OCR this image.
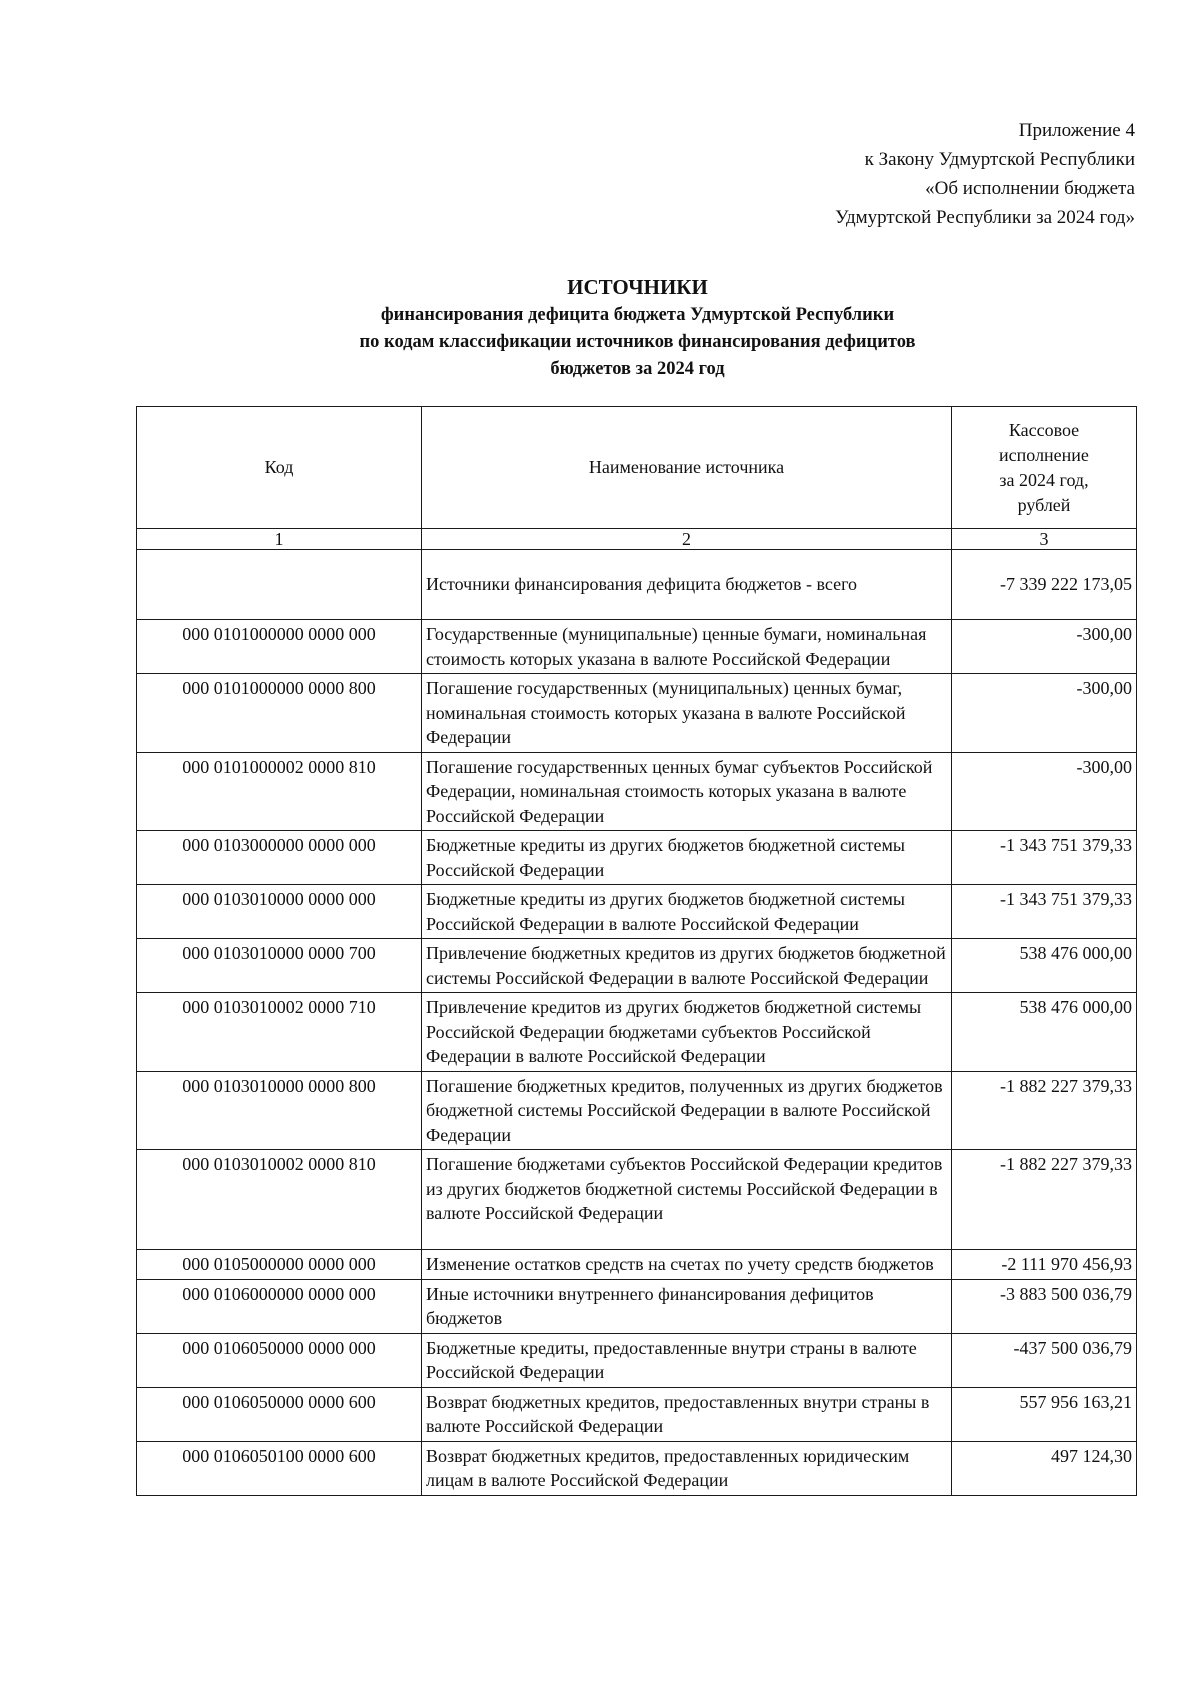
Приложение 4
к Закону Удмуртской Республики
«Об исполнении бюджета
Удмуртской Республики за 2024 год»
ИСТОЧНИКИ
финансирования дефицита бюджета Удмуртской Республики
по кодам классификации источников финансирования дефицитов
бюджетов за 2024 год
Код	Наименование источника	Кассовое
исполнение
за 2024 год,
рублей

1	2	3
	Источники финансирования дефицита бюджетов - всего	-7 339 222 173,05
000 0101000000 0000 000	Государственные (муниципальные) ценные бумаги, номинальная стоимость которых указана в валюте Российской Федерации	-300,00
000 0101000000 0000 800	Погашение государственных (муниципальных) ценных бумаг, номинальная стоимость которых указана в валюте Российской Федерации	-300,00
000 0101000002 0000 810	Погашение государственных ценных бумаг субъектов Российской Федерации, номинальная стоимость которых указана в валюте Российской Федерации	-300,00
000 0103000000 0000 000	Бюджетные кредиты из других бюджетов бюджетной системы Российской Федерации	-1 343 751 379,33
000 0103010000 0000 000	Бюджетные кредиты из других бюджетов бюджетной системы Российской Федерации в валюте Российской Федерации	-1 343 751 379,33
000 0103010000 0000 700	Привлечение бюджетных кредитов из других бюджетов бюджетной системы Российской Федерации в валюте Российской Федерации	538 476 000,00
000 0103010002 0000 710	Привлечение кредитов из других бюджетов бюджетной системы Российской Федерации бюджетами субъектов Российской Федерации в валюте Российской Федерации	538 476 000,00
000 0103010000 0000 800	Погашение бюджетных кредитов, полученных из других бюджетов бюджетной системы Российской Федерации в валюте Российской Федерации	-1 882 227 379,33
000 0103010002 0000 810	Погашение бюджетами субъектов Российской Федерации кредитов из других бюджетов бюджетной системы Российской Федерации в валюте Российской Федерации	-1 882 227 379,33
000 0105000000 0000 000	Изменение остатков средств на счетах по учету средств бюджетов	-2 111 970 456,93
000 0106000000 0000 000	Иные источники внутреннего финансирования дефицитов бюджетов	-3 883 500 036,79
000 0106050000 0000 000	Бюджетные кредиты, предоставленные внутри страны в валюте Российской Федерации	-437 500 036,79
000 0106050000 0000 600	Возврат бюджетных кредитов, предоставленных внутри страны в валюте Российской Федерации	557 956 163,21
000 0106050100 0000 600	Возврат бюджетных кредитов, предоставленных юридическим лицам в валюте Российской Федерации	497 124,30
